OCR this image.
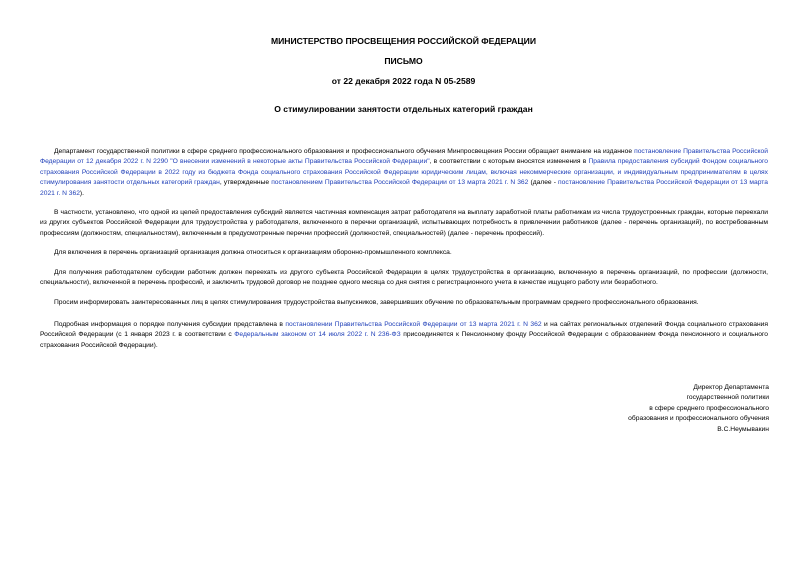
МИНИСТЕРСТВО ПРОСВЕЩЕНИЯ РОССИЙСКОЙ ФЕДЕРАЦИИ
ПИСЬМО
от 22 декабря 2022 года N 05-2589
О стимулировании занятости отдельных категорий граждан

Департамент государственной политики в сфере среднего профессионального образования и профессионального обучения Минпросвещения России обращает внимание на изданное постановление Правительства Российской Федерации от 12 декабря 2022 г. N 2290 "О внесении изменений в некоторые акты Правительства Российской Федерации", в соответствии с которым вносятся изменения в Правила предоставления субсидий Фондом социального страхования Российской Федерации в 2022 году из бюджета Фонда социального страхования Российской Федерации юридическим лицам, включая некоммерческие организации, и индивидуальным предпринимателям в целях стимулирования занятости отдельных категорий граждан, утвержденные постановлением Правительства Российской Федерации от 13 марта 2021 г. N 362 (далее - постановление Правительства Российской Федерации от 13 марта 2021 г. N 362).

В частности, установлено, что одной из целей предоставления субсидий является частичная компенсация затрат работодателя на выплату заработной платы работникам из числа трудоустроенных граждан, которые переехали из других субъектов Российской Федерации для трудоустройства у работодателя, включенного в перечни организаций, испытывающих потребность в привлечении работников (далее - перечень организаций), по востребованным профессиям (должностям, специальностям), включенным в предусмотренные перечни профессий (должностей, специальностей) (далее - перечень профессий).

Для включения в перечень организаций организация должна относиться к организациям оборонно-промышленного комплекса.

Для получения работодателем субсидии работник должен переехать из другого субъекта Российской Федерации в целях трудоустройства в организацию, включенную в перечень организаций, по профессии (должности, специальности), включенной в перечень профессий, и заключить трудовой договор не позднее одного месяца со дня снятия с регистрационного учета в качестве ищущего работу или безработного.

Просим информировать заинтересованных лиц в целях стимулирования трудоустройства выпускников, завершивших обучение по образовательным программам среднего профессионального образования.

Подробная информация о порядке получения субсидии представлена в постановлении Правительства Российской Федерации от 13 марта 2021 г. N 362 и на сайтах региональных отделений Фонда социального страхования Российской Федерации (с 1 января 2023 г. в соответствии с Федеральным законом от 14 июля 2022 г. N 236-ФЗ присоединяется к Пенсионному фонду Российской Федерации с образованием Фонда пенсионного и социального страхования Российской Федерации).

Директор Департамента
государственной политики
в сфере среднего профессионального
образования и профессионального обучения
В.С.Неумывакин
